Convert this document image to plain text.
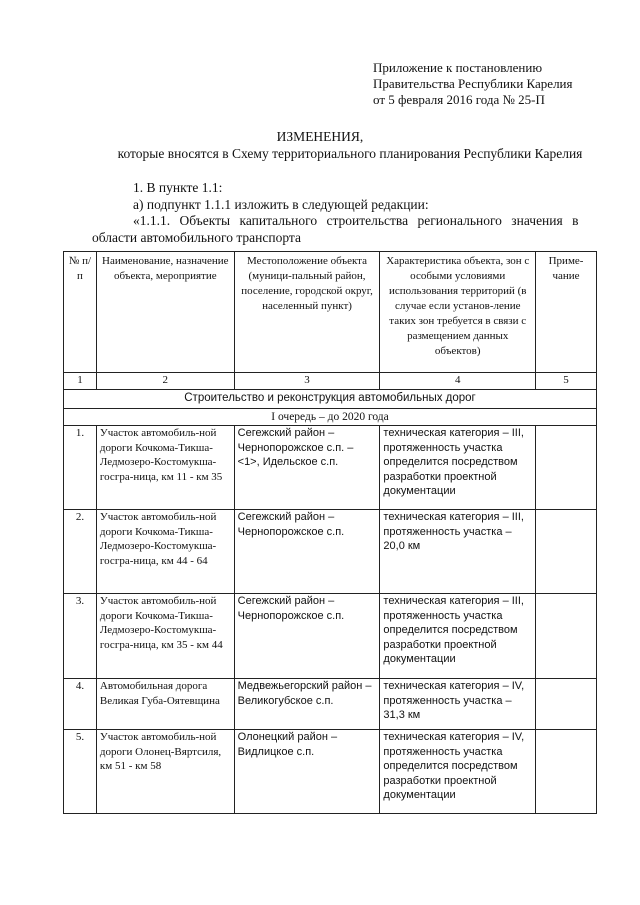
Приложение к постановлению
Правительства Республики Карелия
от 5 февраля 2016 года № 25-П
ИЗМЕНЕНИЯ,
которые вносятся в Схему территориального планирования Республики Карелия
1. В пункте 1.1:
а) подпункт 1.1.1 изложить в следующей редакции:
«1.1.1. Объекты капитального строительства регионального значения в
области автомобильного транспорта
№ п/п	Наименование, назначение объекта, мероприятие	Местоположение объекта (муници-пальный район, поселение, городской округ, населенный пункт)	Характеристика объекта, зон с особыми условиями использования территорий (в случае если установ-ление таких зон требуется в связи с размещением данных объектов)	Приме-чание
1	2	3	4	5
Строительство и реконструкция автомобильных дорог				
I очередь – до 2020 года				
1.	Участок автомобиль-ной дороги Кочкома-Тикша-Ледмозеро-Костомукша-госгра-ница, км 11 - км 35	Сегежский район – Чернопорожское с.п. – <1>, Идельское с.п.	техническая категория – III, протяженность участка определится посредством разработки проектной документации	
2.	Участок автомобиль-ной дороги Кочкома-Тикша-Ледмозеро-Костомукша-госгра-ница, км 44 - 64	Сегежский район – Чернопорожское с.п.	техническая категория – III, протяженность участка – 20,0 км	
3.	Участок автомобиль-ной дороги Кочкома-Тикша-Ледмозеро-Костомукша-госгра-ница, км 35 - км 44	Сегежский район – Чернопорожское с.п.	техническая категория – III, протяженность участка определится посредством разработки проектной документации	
4.	Автомобильная дорога Великая Губа-Оятевщина	Медвежьегорский район – Великогубское с.п.	техническая категория – IV, протяженность участка – 31,3 км	
5.	Участок автомобиль-ной дороги Олонец-Вяртсиля, км 51 - км 58	Олонецкий район – Видлицкое с.п.	техническая категория – IV, протяженность участка определится посредством разработки проектной документации	
